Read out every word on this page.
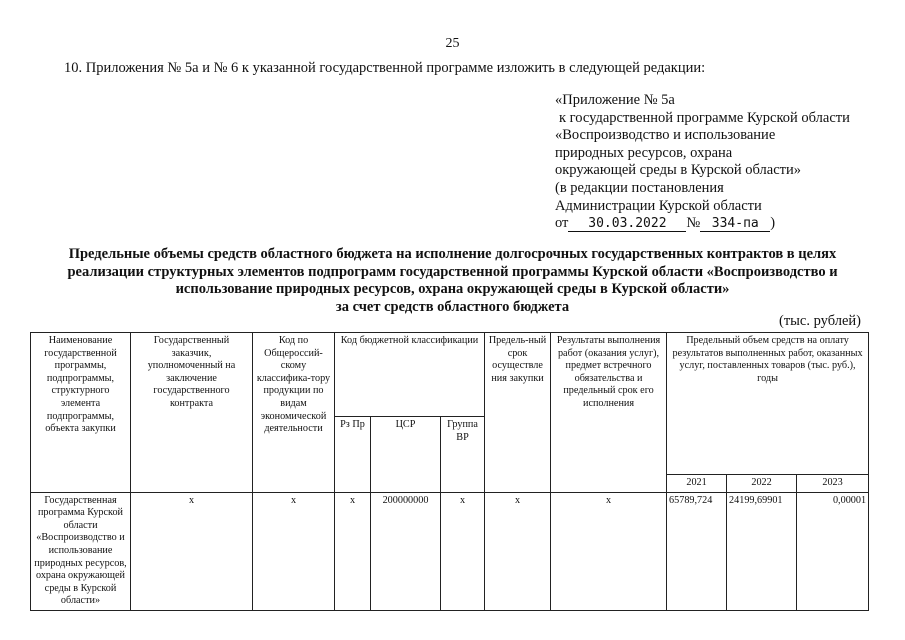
25
10. Приложения № 5а и № 6 к указанной государственной программе изложить в следующей редакции:
«Приложение № 5а
к государственной программе Курской области
«Воспроизводство и использование
природных ресурсов, охрана
окружающей среды в Курской области»
(в редакции постановления
Администрации Курской области
от	30.03.2022	№ 334-па )
Предельные объемы средств областного бюджета на исполнение долгосрочных государственных контрактов в целях
реализации структурных элементов подпрограмм государственной программы Курской области «Воспроизводство и
использование природных ресурсов, охрана окружающей среды в Курской области»
за счет средств областного бюджета
(тыс. рублей)
Наименование государственной программы, подпрограммы, структурного элемента подпрограммы, объекта закупки	Государственный заказчик, уполномоченный на заключение государственного контракта	Код по Общероссий-скому классифика-тору продукции по видам экономической деятельности	Код бюджетной классификации			Предель-ный срок осуществле ния закупки	Результаты выполнения работ (оказания услуг), предмет встречного обязательства и предельный срок его исполнения	Предельный объем средств на оплату результатов выполненных работ, оказанных услуг, поставленных товаров (тыс. руб.), годы		
			Рз Пр	ЦСР	Группа ВР					
								2021	2022	2023
Государственная программа Курской области «Воспроизводство и использование природных ресурсов, охрана окружающей среды в Курской области»	х	х	х	200000000	х	х	х	65789,724	24199,69901	0,00001
